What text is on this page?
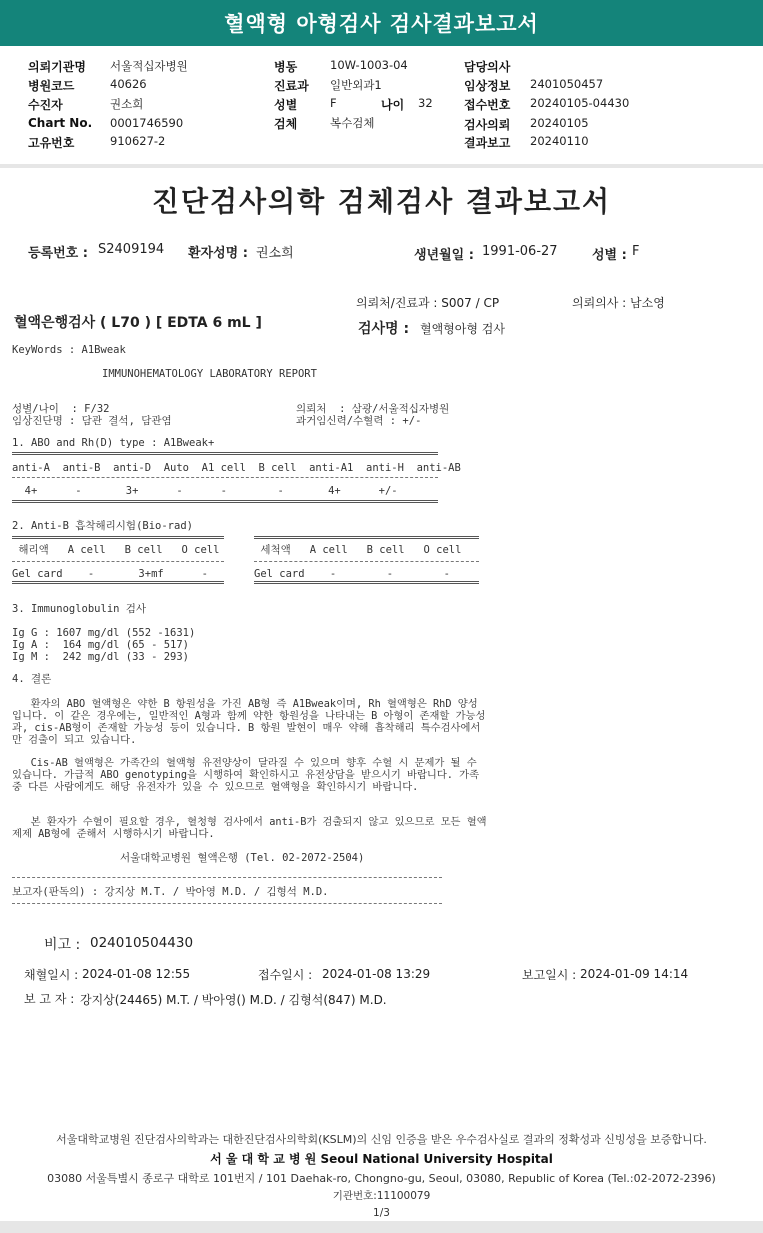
혈액형 아형검사 검사결과보고서
의뢰기관명 서울적십자병원
병원코드	40626
수진자	권소희
Chart No. 0001746590
고유번호	910627-2
병동	10W-1003-04
진료과 일반외과1
성별	F	나이 32
검체	복수검체
담당의사
임상정보 2401050457
접수번호 20240105-04430
검사의뢰 20240105
결과보고 20240110
진단검사의학 검체검사 결과보고서
등록번호 : S2409194 환자성명 : 권소희	생년월일 : 1991-06-27	성별 : F
의뢰처/진료과 : S007 / CP	의뢰의사 : 남소영
혈액은행검사 ( L70 ) [ EDTA 6 mL ]	검사명 : 혈액형아형 검사
KeyWords : A1Bweak
IMMUNOHEMATOLOGY LABORATORY REPORT
성별/나이  : F/32
임상진단명 : 담관 결석, 담관염
의뢰처  : 삼광/서울적십자병원
과거임신력/수혈력 : +/-
1. ABO and Rh(D) type : A1Bweak+
anti-A  anti-B  anti-D  Auto  A1 cell  B cell  anti-A1  anti-H  anti-AB
4+      -       3+      -      -        -       4+      +/-
2. Anti-B 흡착해리시험(Bio-rad)
해리액   A cell   B cell   O cell	세척액   A cell   B cell   O cell
Gel card    -       3+mf      -	Gel card    -        -        -
3. Immunoglobulin 검사
Ig G : 1607 mg/dl (552 -1631)
Ig A :  164 mg/dl (65 - 517)
Ig M :  242 mg/dl (33 - 293)
4. 결론
환자의 ABO 혈액형은 약한 B 항원성을 가진 AB형 즉 A1Bweak이며, Rh 혈액형은 RhD 양성입니다. 이 같은 경우에는, 일반적인 A형과 함께 약한 항원성을 나타내는 B 아형이 존재할 가능성과, cis-AB형이 존재할 가능성 등이 있습니다. B 항원 발현이 매우 약해 흡착해리 특수검사에서만 검출이 되고 있습니다.
Cis-AB 혈액형은 가족간의 혈액형 유전양상이 달라질 수 있으며 향후 수혈 시 문제가 될 수 있습니다. 가급적 ABO genotyping을 시행하여 확인하시고 유전상담을 받으시기 바랍니다. 가족 중 다른 사람에게도 해당 유전자가 있을 수 있으므로 혈액형을 확인하시기 바랍니다.
본 환자가 수혈이 필요할 경우, 혈청형 검사에서 anti-B가 검출되지 않고 있으므로 모든 혈액제제 AB형에 준해서 시행하시기 바랍니다.
서울대학교병원 혈액은행 (Tel. 02-2072-2504)
보고자(판독의) : 강지상 M.T. / 박아영 M.D. / 김형석 M.D.
비고 : 024010504430
채혈일시 : 2024-01-08 12:55	접수일시 : 2024-01-08 13:29	보고일시 : 2024-01-09 14:14
보 고 자 : 강지상(24465) M.T. / 박아영() M.D. / 김형석(847) M.D.
서울대학교병원 진단검사의학과는 대한진단검사의학회(KSLM)의 신임 인증을 받은 우수검사실로 결과의 정확성과 신빙성을 보증합니다.
서 울 대 학 교 병 원 Seoul National University Hospital
03080 서울특별시 종로구 대학로 101번지 / 101 Daehak-ro, Chongno-gu, Seoul, 03080, Republic of Korea (Tel.:02-2072-2396)
기관번호:11100079
1/3
